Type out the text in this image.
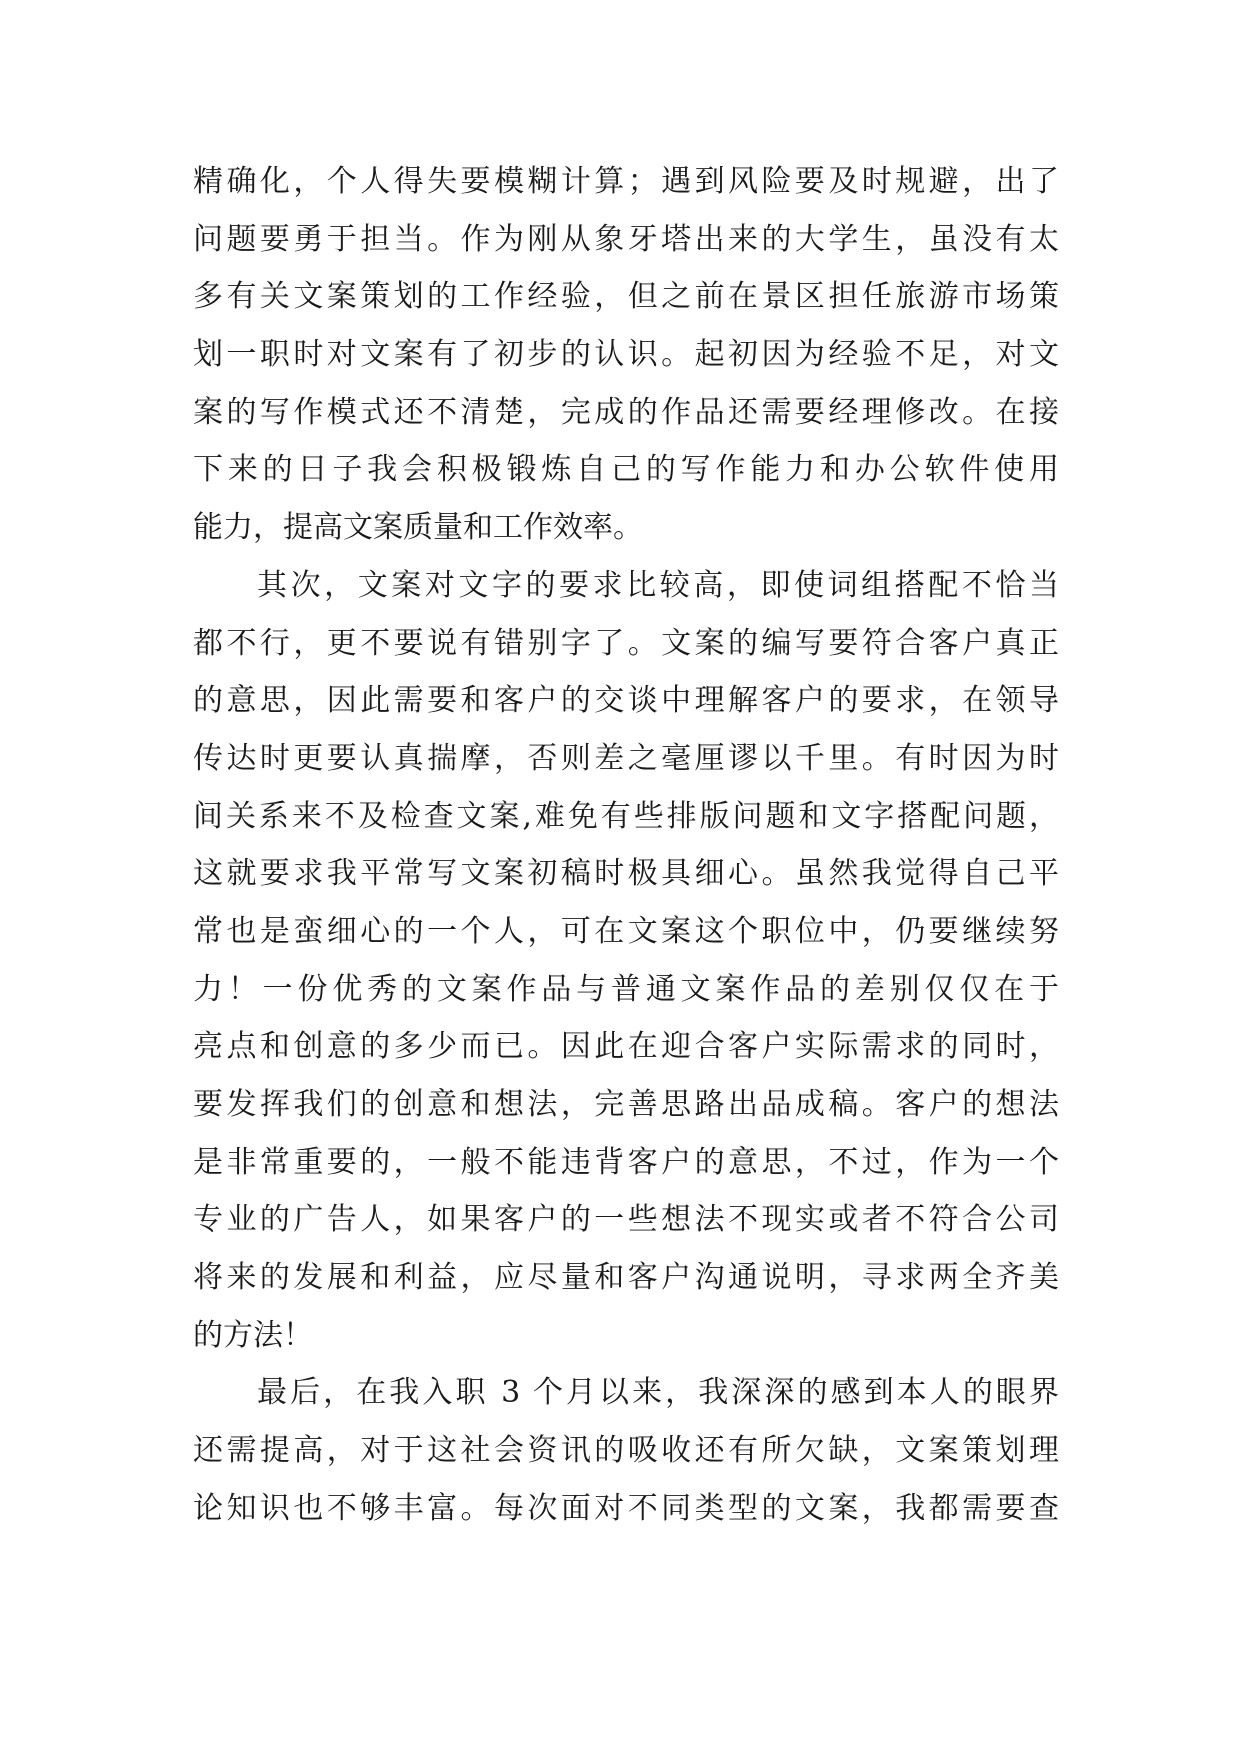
精确化，个人得失要模糊计算；遇到风险要及时规避，出了
问题要勇于担当。作为刚从象牙塔出来的大学生，虽没有太
多有关文案策划的工作经验，但之前在景区担任旅游市场策
划一职时对文案有了初步的认识。起初因为经验不足，对文
案的写作模式还不清楚，完成的作品还需要经理修改。在接
下来的日子我会积极锻炼自己的写作能力和办公软件使用
能力，提高文案质量和工作效率。
其次，文案对文字的要求比较高，即使词组搭配不恰当
都不行，更不要说有错别字了。文案的编写要符合客户真正
的意思，因此需要和客户的交谈中理解客户的要求，在领导
传达时更要认真揣摩，否则差之毫厘谬以千里。有时因为时
间关系来不及检查文案,难免有些排版问题和文字搭配问题，
这就要求我平常写文案初稿时极具细心。虽然我觉得自己平
常也是蛮细心的一个人，可在文案这个职位中，仍要继续努
力！一份优秀的文案作品与普通文案作品的差别仅仅在于
亮点和创意的多少而已。因此在迎合客户实际需求的同时，
要发挥我们的创意和想法，完善思路出品成稿。客户的想法
是非常重要的，一般不能违背客户的意思，不过，作为一个
专业的广告人，如果客户的一些想法不现实或者不符合公司
将来的发展和利益，应尽量和客户沟通说明，寻求两全齐美
的方法！
最后，在我入职 3 个月以来，我深深的感到本人的眼界
还需提高，对于这社会资讯的吸收还有所欠缺，文案策划理
论知识也不够丰富。每次面对不同类型的文案，我都需要查
